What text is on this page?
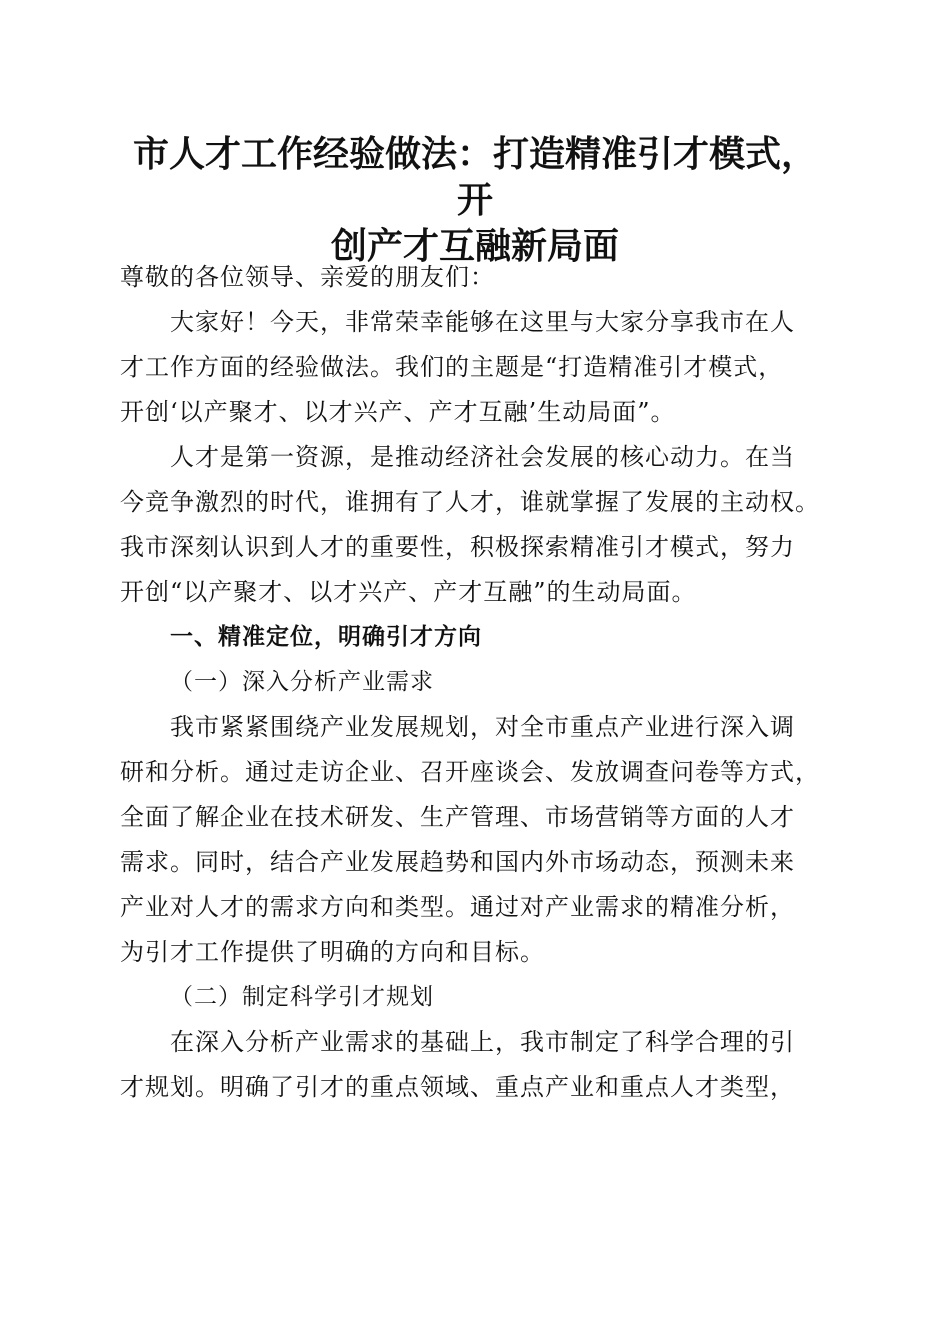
市人才工作经验做法：打造精准引才模式，开
创产才互融新局面
尊敬的各位领导、亲爱的朋友们：
大家好！今天，非常荣幸能够在这里与大家分享我市在人
才工作方面的经验做法。我们的主题是“打造精准引才模式，
开创‘以产聚才、以才兴产、产才互融’生动局面”。
人才是第一资源，是推动经济社会发展的核心动力。在当
今竞争激烈的时代，谁拥有了人才，谁就掌握了发展的主动权。
我市深刻认识到人才的重要性，积极探索精准引才模式，努力
开创“以产聚才、以才兴产、产才互融”的生动局面。
一、精准定位，明确引才方向
（一）深入分析产业需求
我市紧紧围绕产业发展规划，对全市重点产业进行深入调
研和分析。通过走访企业、召开座谈会、发放调查问卷等方式，
全面了解企业在技术研发、生产管理、市场营销等方面的人才
需求。同时，结合产业发展趋势和国内外市场动态，预测未来
产业对人才的需求方向和类型。通过对产业需求的精准分析，
为引才工作提供了明确的方向和目标。
（二）制定科学引才规划
在深入分析产业需求的基础上，我市制定了科学合理的引
才规划。明确了引才的重点领域、重点产业和重点人才类型，
